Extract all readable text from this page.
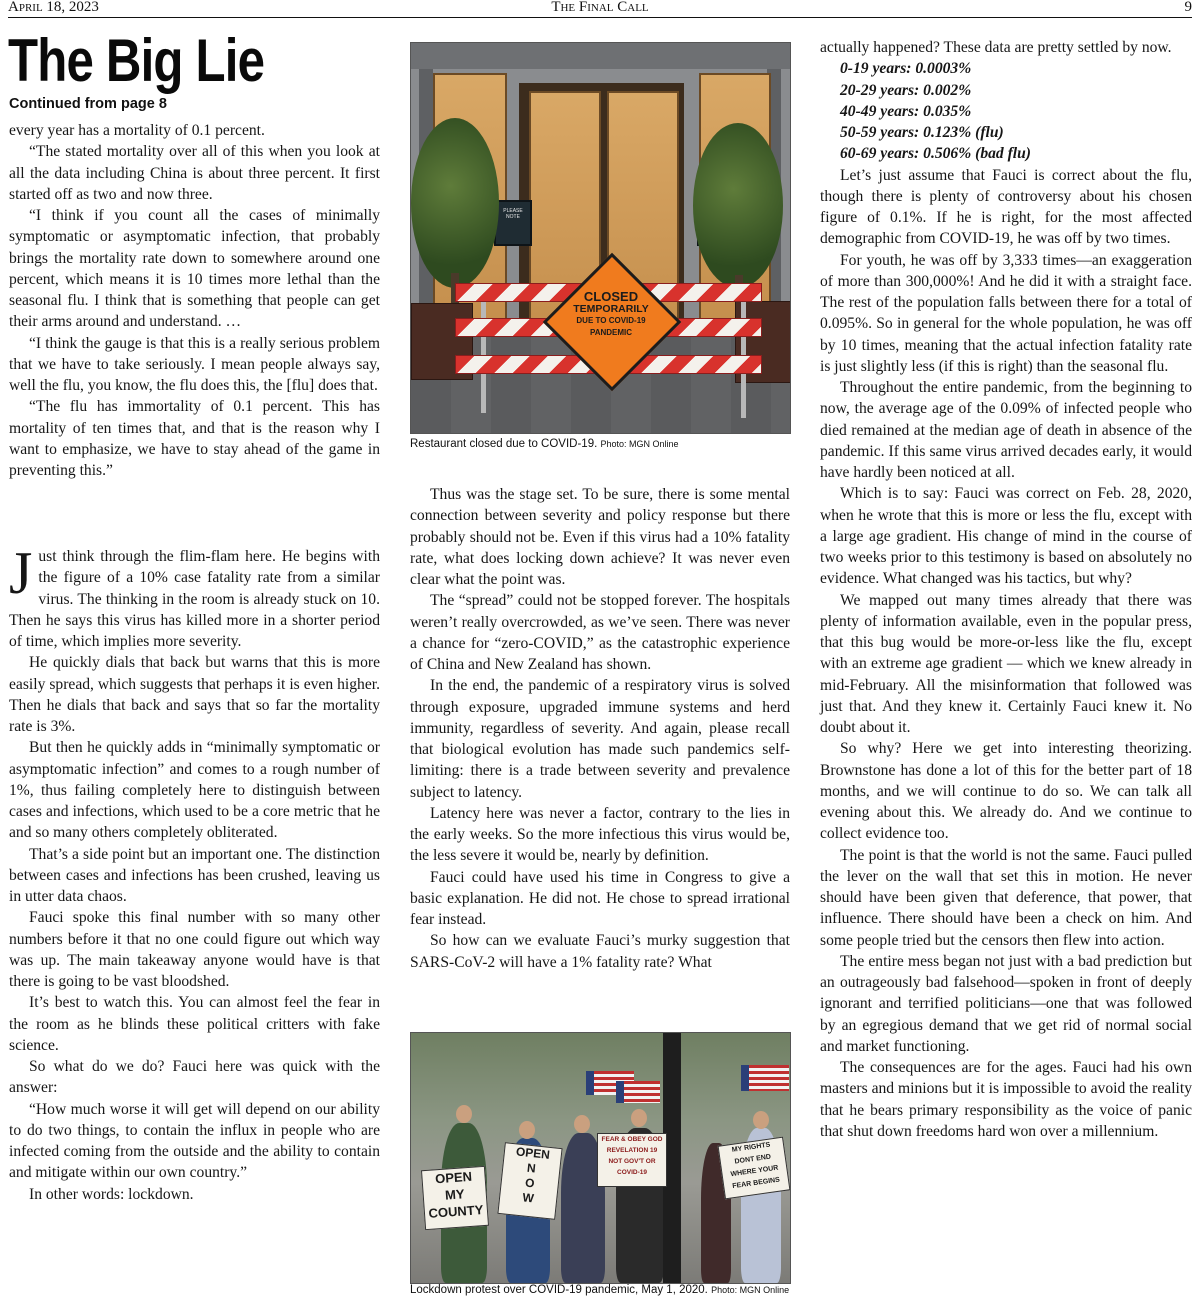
April 18, 2023	The Final Call	9
The Big Lie
Continued from page 8

every year has a mortality of 0.1 percent.

“The stated mortality over all of this when you look at all the data including China is about three percent. It first started off as two and now three.

“I think if you count all the cases of minimally symptomatic or asymptomatic infection, that probably brings the mortality rate down to somewhere around one percent, which means it is 10 times more lethal than the seasonal flu. I think that is something that people can get their arms around and understand. …

“I think the gauge is that this is a really serious problem that we have to take seriously. I mean people always say, well the flu, you know, the flu does this, the [flu] does that.

“The flu has immortality of 0.1 percent. This has mortality of ten times that, and that is the reason why I want to emphasize, we have to stay ahead of the game in preventing this.”

Just think through the flim-flam here. He begins with the figure of a 10% case fatality rate from a similar virus. The thinking in the room is already stuck on 10. Then he says this virus has killed more in a shorter period of time, which implies more severity.

He quickly dials that back but warns that this is more easily spread, which suggests that perhaps it is even higher. Then he dials that back and says that so far the mortality rate is 3%.

But then he quickly adds in “minimally symptomatic or asymptomatic infection” and comes to a rough number of 1%, thus failing completely here to distinguish between cases and infections, which used to be a core metric that he and so many others completely obliterated.

That’s a side point but an important one. The distinction between cases and infections has been crushed, leaving us in utter data chaos.

Fauci spoke this final number with so many other numbers before it that no one could figure out which way was up. The main takeaway anyone would have is that there is going to be vast bloodshed.

It’s best to watch this. You can almost feel the fear in the room as he blinds these political critters with fake science.

So what do we do? Fauci here was quick with the answer:

“How much worse it will get will depend on our ability to do two things, to contain the influx in people who are infected coming from the outside and the ability to contain and mitigate within our own country.”

In other words: lockdown.

PLEASE NOTE
CLOSED
TEMPORARILY
DUE TO COVID-19
PANDEMIC
Restaurant closed due to COVID-19. Photo: MGN Online

Thus was the stage set. To be sure, there is some mental connection between severity and policy response but there probably should not be. Even if this virus had a 10% fatality rate, what does locking down achieve? It was never even clear what the point was.

The “spread” could not be stopped forever. The hospitals weren’t really overcrowded, as we’ve seen. There was never a chance for “zero-COVID,” as the catastrophic experience of China and New Zealand has shown.

In the end, the pandemic of a respiratory virus is solved through exposure, upgraded immune systems and herd immunity, regardless of severity. And again, please recall that biological evolution has made such pandemics self-limiting: there is a trade between severity and prevalence subject to latency.

Latency here was never a factor, contrary to the lies in the early weeks. So the more infectious this virus would be, the less severe it would be, nearly by definition.

Fauci could have used his time in Congress to give a basic explanation. He did not. He chose to spread irrational fear instead.

So how can we evaluate Fauci’s murky suggestion that SARS-CoV-2 will have a 1% fatality rate? What

OPEN
MY
COUNTY
OPEN
N
O
W
FEAR & OBEY GOD
REVELATION 19
NOT GOV'T OR
COVID-19
MY RIGHTS
DONT END
WHERE YOUR
FEAR BEGINS
Lockdown protest over COVID-19 pandemic, May 1, 2020. Photo: MGN Online

actually happened? These data are pretty settled by now.

0-19 years: 0.0003%
20-29 years: 0.002%
40-49 years: 0.035%
50-59 years: 0.123% (flu)
60-69 years: 0.506% (bad flu)

Let’s just assume that Fauci is correct about the flu, though there is plenty of controversy about his chosen figure of 0.1%. If he is right, for the most affected demographic from COVID-19, he was off by two times.

For youth, he was off by 3,333 times—an exaggeration of more than 300,000%! And he did it with a straight face. The rest of the population falls between there for a total of 0.095%. So in general for the whole population, he was off by 10 times, meaning that the actual infection fatality rate is just slightly less (if this is right) than the seasonal flu.

Throughout the entire pandemic, from the beginning to now, the average age of the 0.09% of infected people who died remained at the median age of death in absence of the pandemic. If this same virus arrived decades early, it would have hardly been noticed at all.

Which is to say: Fauci was correct on Feb. 28, 2020, when he wrote that this is more or less the flu, except with a large age gradient. His change of mind in the course of two weeks prior to this testimony is based on absolutely no evidence. What changed was his tactics, but why?

We mapped out many times already that there was plenty of information available, even in the popular press, that this bug would be more-or-less like the flu, except with an extreme age gradient — which we knew already in mid-February. All the misinformation that followed was just that. And they knew it. Certainly Fauci knew it. No doubt about it.

So why? Here we get into interesting theorizing. Brownstone has done a lot of this for the better part of 18 months, and we will continue to do so. We can talk all evening about this. We already do. And we continue to collect evidence too.

The point is that the world is not the same. Fauci pulled the lever on the wall that set this in motion. He never should have been given that deference, that power, that influence. There should have been a check on him. And some people tried but the censors then flew into action.

The entire mess began not just with a bad prediction but an outrageously bad falsehood—spoken in front of deeply ignorant and terrified politicians—one that was followed by an egregious demand that we get rid of normal social and market functioning.

The consequences are for the ages. Fauci had his own masters and minions but it is impossible to avoid the reality that he bears primary responsibility as the voice of panic that shut down freedoms hard won over a millennium.
